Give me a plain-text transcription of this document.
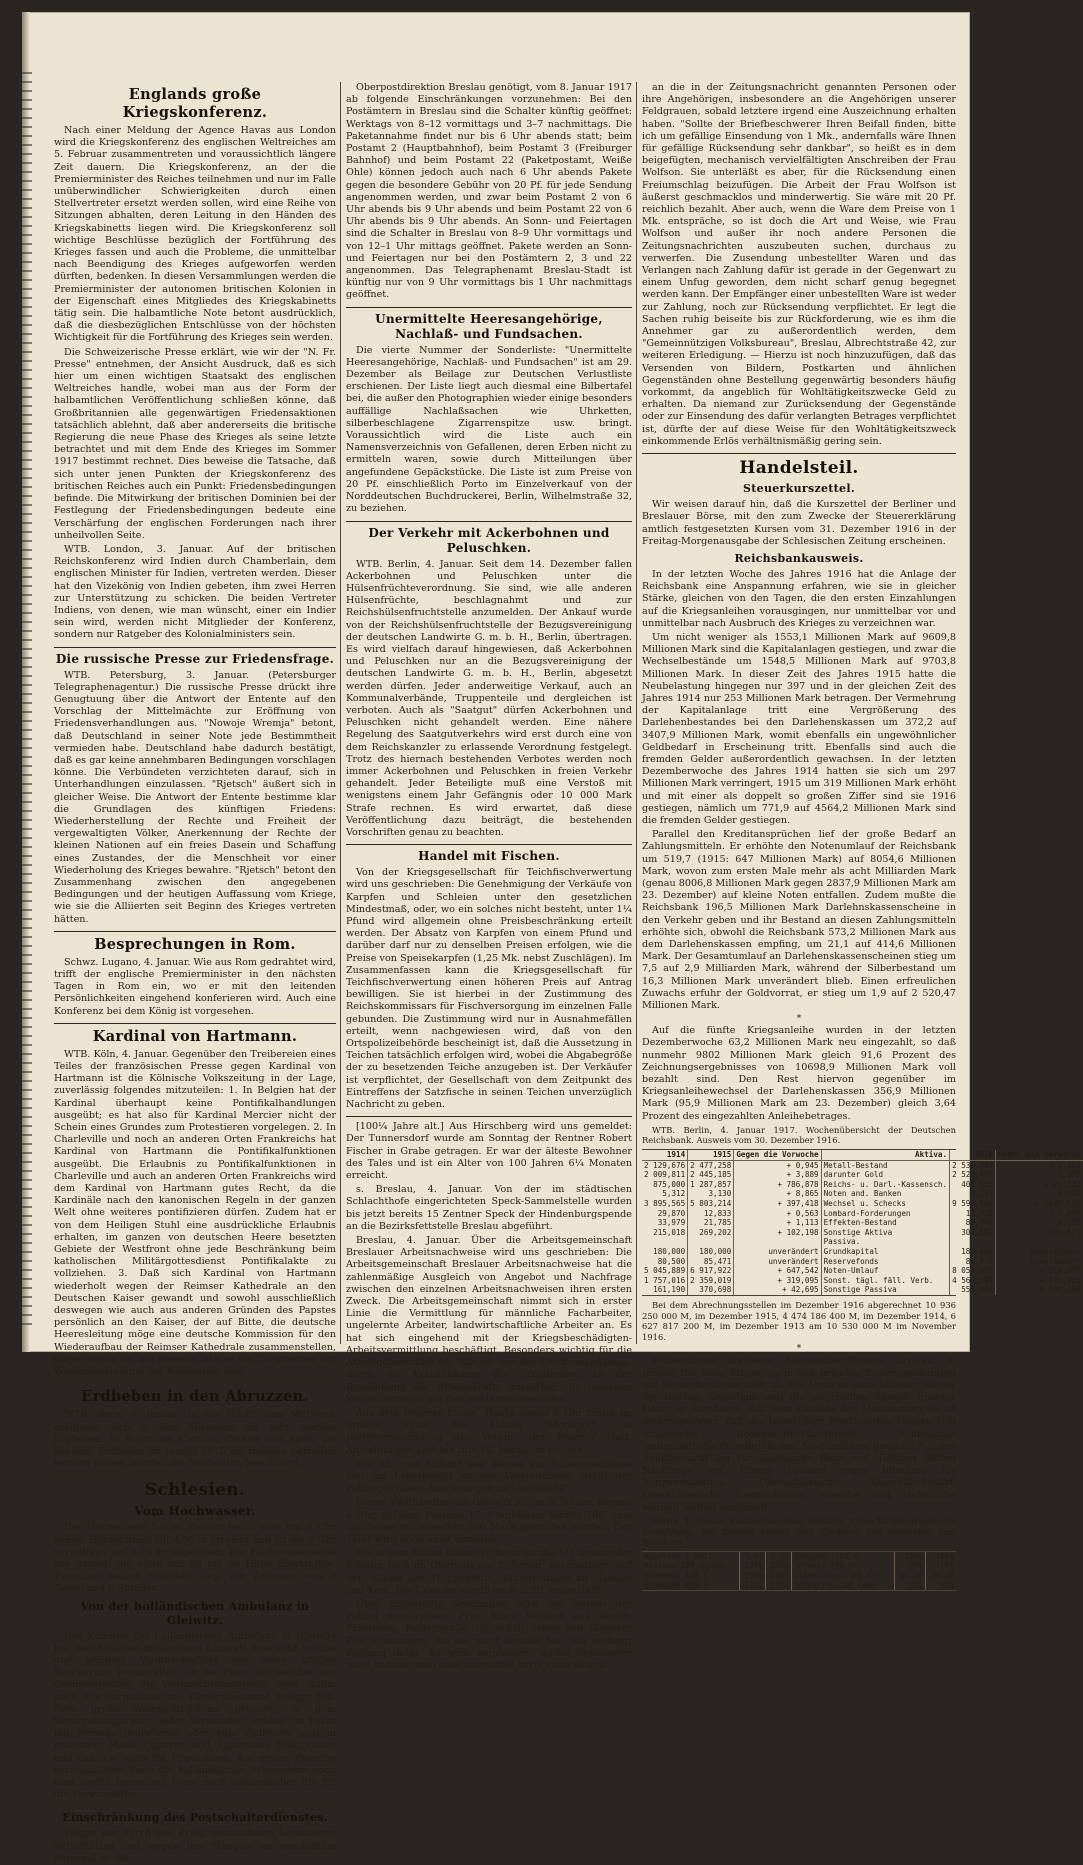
Englands große Kriegskonferenz.

Nach einer Meldung der Agence Havas aus London wird die Kriegskonferenz des englischen Weltreiches am 5. Februar zusammentreten und voraussichtlich längere Zeit dauern. Die Kriegskonferenz, an der die Premierminister des Reiches teilnehmen und nur im Falle unüberwindlicher Schwierigkeiten durch einen Stellvertreter ersetzt werden sollen, wird eine Reihe von Sitzungen abhalten, deren Leitung in den Händen des Kriegskabinetts liegen wird. Die Kriegskonferenz soll wichtige Beschlüsse bezüglich der Fortführung des Krieges fassen und auch die Probleme, die unmittelbar nach Beendigung des Krieges aufgeworfen werden dürften, bedenken. In diesen Versammlungen werden die Premierminister der autonomen britischen Kolonien in der Eigenschaft eines Mitgliedes des Kriegskabinetts tätig sein. Die halbamtliche Note betont ausdrücklich, daß die diesbezüglichen Entschlüsse von der höchsten Wichtigkeit für die Fortführung des Krieges sein werden.

Die Schweizerische Presse erklärt, wie wir der "N. Fr. Presse" entnehmen, der Ansicht Ausdruck, daß es sich hier um einen wichtigen Staatsakt des englischen Weltreiches handle, wobei man aus der Form der halbamtlichen Veröffentlichung schließen könne, daß Großbritannien alle gegenwärtigen Friedensaktionen tatsächlich ablehnt, daß aber andererseits die britische Regierung die neue Phase des Krieges als seine letzte betrachtet und mit dem Ende des Krieges im Sommer 1917 bestimmt rechnet. Dies beweise die Tatsache, daß sich unter jenen Punkten der Kriegskonferenz des britischen Reiches auch ein Punkt: Friedensbedingungen befinde. Die Mitwirkung der britischen Dominien bei der Festlegung der Friedensbedingungen bedeute eine Verschärfung der englischen Forderungen nach ihrer unheilvollen Seite.

WTB. London, 3. Januar. Auf der britischen Reichskonferenz wird Indien durch Chamberlain, dem englischen Minister für Indien, vertreten werden. Dieser hat den Vizekönig von Indien gebeten, ihm zwei Herren zur Unterstützung zu schicken. Die beiden Vertreter Indiens, von denen, wie man wünscht, einer ein Indier sein wird, werden nicht Mitglieder der Konferenz, sondern nur Ratgeber des Kolonialministers sein.

Die russische Presse zur Friedensfrage.

WTB. Petersburg, 3. Januar. (Petersburger Telegraphenagentur.) Die russische Presse drückt ihre Genugtuung über die Antwort der Entente auf den Vorschlag der Mittelmächte zur Eröffnung von Friedensverhandlungen aus. "Nowoje Wremja" betont, daß Deutschland in seiner Note jede Bestimmtheit vermieden habe. Deutschland habe dadurch bestätigt, daß es gar keine annehmbaren Bedingungen vorschlagen könne. Die Verbündeten verzichteten darauf, sich in Unterhandlungen einzulassen. "Rjetsch" äußert sich in gleicher Weise. Die Antwort der Entente bestimme klar die Grundlagen des künftigen Friedens: Wiederherstellung der Rechte und Freiheit der vergewaltigten Völker, Anerkennung der Rechte der kleinen Nationen auf ein freies Dasein und Schaffung eines Zustandes, der die Menschheit vor einer Wiederholung des Krieges bewahre. "Rjetsch" betont den Zusammenhang zwischen den angegebenen Bedingungen und der heutigen Auffassung vom Kriege, wie sie die Alliierten seit Beginn des Krieges vertreten hätten.

Besprechungen in Rom.

Schwz. Lugano, 4. Januar. Wie aus Rom gedrahtet wird, trifft der englische Premierminister in den nächsten Tagen in Rom ein, wo er mit den leitenden Persönlichkeiten eingehend konferieren wird. Auch eine Konferenz bei dem König ist vorgesehen.

Kardinal von Hartmann.

WTB. Köln, 4. Januar. Gegenüber den Treibereien eines Teiles der französischen Presse gegen Kardinal von Hartmann ist die Kölnische Volkszeitung in der Lage, zuverlässig folgendes mitzuteilen: 1. In Belgien hat der Kardinal überhaupt keine Pontifikalhandlungen ausgeübt; es hat also für Kardinal Mercier nicht der Schein eines Grundes zum Protestieren vorgelegen. 2. In Charleville und noch an anderen Orten Frankreichs hat Kardinal von Hartmann die Pontifikalfunktionen ausgeübt. Die Erlaubnis zu Pontifikalfunktionen in Charleville und auch an anderen Orten Frankreichs wird dem Kardinal von Hartmann gutes Recht, da die Kardinäle nach den kanonischen Regeln in der ganzen Welt ohne weiteres pontifizieren dürfen. Zudem hat er von dem Heiligen Stuhl eine ausdrückliche Erlaubnis erhalten, im ganzen von deutschen Heere besetzten Gebiete der Westfront ohne jede Beschränkung beim katholischen Militärgottesdienst Pontifikalakte zu vollziehen. 3. Daß sich Kardinal von Hartmann wiederholt wegen der Reimser Kathedrale an den Deutschen Kaiser gewandt und sowohl ausschließlich deswegen wie auch aus anderen Gründen des Papstes persönlich an den Kaiser, der auf Bitte, die deutsche Heeresleitung möge eine deutsche Kommission für den Wiederaufbau der Reimser Kathedrale zusammenstellen, eingegangen ist, das beweist, daß er ein Fürsprecher der Wiederherstellung der Kathedrale war.

Erdbeben in den Abruzzen.

WTB. Bern, 4. Januar. In der Nacht zum Mittwoch ereignete sich in den Abruzzen ein sehr starkes Erdbeben. In Avezzano, Cerchio, Celano und Ajelli, die bei dem Erdbeben im Januar 1915 am meisten betroffen worden waren, wurden die Neubauten beschädigt.

Schlesien.
Vom Hochwasser.

Das Hochwasser hat in Ratibor heute früh um 6 Uhr seinen Höchststand mit 4,80 m erreicht und ist bis 8 Uhr vormittags auf 4,76 m abgefallen. Die Hochwasserwelle hat danach die erste um 20 cm an Höhe übertroffen. Zwischen beiden Scheiteln liegt ein Zeitraum von 3 Tagen und 8 Stunden.

Von der holländischen Ambulanz in Gleiwitz.

Das Komitee der holländischen Ambulanz in Gleiwitz hat den Soldaten im dortigen Lazarett eine sehr schöne und würdige Weihnachtsfeier mit einer großen Bescherung veranstaltet. An der Feier, bei welcher der Garnisonpfarrer die Weihnachtsansprache hielt, nahm auch der Garnisonälteste, Generalleutnant Krieger teil. Zwei große Weihnachtsbäume brannten in dem Versammlungsraum. Jeder Verwundete erhielt ein Paket mit warmes Wollwhemd oder eine Wollweste und in reichstem Maße Zigarren und Zigaretten, Süßigkeiten und Gebäck; auch für Erquickung. Am ersten Feiertag veranstalteten bann die holländischen Schwestern noch eine zweite besondere Feier nach holländischer Art für die Verwundeten.

Einschränkung des Postschalterdienstes.

Wegen der durch den Krieg geschaffenen besonderen Verhältnisse und wegen des Mangels an geschultem Personal ist die

Oberpostdirektion Breslau genötigt, vom 8. Januar 1917 ab folgende Einschränkungen vorzunehmen: Bei den Postämtern in Breslau sind die Schalter künftig geöffnet: Werktags von 8–12 vormittags und 3–7 nachmittags. Die Paketannahme findet nur bis 6 Uhr abends statt; beim Postamt 2 (Hauptbahnhof), beim Postamt 3 (Freiburger Bahnhof) und beim Postamt 22 (Paketpostamt, Weiße Ohle) können jedoch auch nach 6 Uhr abends Pakete gegen die besondere Gebühr von 20 Pf. für jede Sendung angenommen werden, und zwar beim Postamt 2 von 6 Uhr abends bis 9 Uhr abends und beim Postamt 22 von 6 Uhr abends bis 9 Uhr abends. An Sonn- und Feiertagen sind die Schalter in Breslau von 8–9 Uhr vormittags und von 12–1 Uhr mittags geöffnet. Pakete werden an Sonn- und Feiertagen nur bei den Postämtern 2, 3 und 22 angenommen. Das Telegraphenamt Breslau-Stadt ist künftig nur von 9 Uhr vormittags bis 1 Uhr nachmittags geöffnet.

Unermittelte Heeresangehörige, Nachlaß- und Fundsachen.

Die vierte Nummer der Sonderliste: "Unermittelte Heeresangehörige, Nachlaß- und Fundsachen" ist am 29. Dezember als Beilage zur Deutschen Verlustliste erschienen. Der Liste liegt auch diesmal eine Bilbertafel bei, die außer den Photographien wieder einige besonders auffällige Nachlaßsachen wie Uhrketten, silberbeschlagene Zigarrenspitze usw. bringt. Voraussichtlich wird die Liste auch ein Namensverzeichnis von Gefallenen, deren Erben nicht zu ermitteln waren, sowie durch Mitteilungen über angefundene Gepäckstücke. Die Liste ist zum Preise von 20 Pf. einschließlich Porto im Einzelverkauf von der Norddeutschen Buchdruckerei, Berlin, Wilhelmstraße 32, zu beziehen.

Der Verkehr mit Ackerbohnen und Peluschken.

WTB. Berlin, 4. Januar. Seit dem 14. Dezember fallen Ackerbohnen und Peluschken unter die Hülsenfrüchteverordnung. Sie sind, wie alle anderen Hülsenfrüchte, beschlagnahmt und zur Reichshülsenfruchtstelle anzumelden. Der Ankauf wurde von der Reichshülsenfruchtstelle der Bezugsvereinigung der deutschen Landwirte G. m. b. H., Berlin, übertragen. Es wird vielfach darauf hingewiesen, daß Ackerbohnen und Peluschken nur an die Bezugsvereinigung der deutschen Landwirte G. m. b. H., Berlin, abgesetzt werden dürfen. Jeder anderweitige Verkauf, auch an Kommunalverbände, Truppenteile und dergleichen ist verboten. Auch als "Saatgut" dürfen Ackerbohnen und Peluschken nicht gehandelt werden. Eine nähere Regelung des Saatgutverkehrs wird erst durch eine von dem Reichskanzler zu erlassende Verordnung festgelegt. Trotz des hiernach bestehenden Verbotes werden noch immer Ackerbohnen und Peluschken in freien Verkehr gehandelt. Jeder Beteiligte muß eine Verstoß mit wenigstens einem Jahr Gefängnis oder 10 000 Mark Strafe rechnen. Es wird erwartet, daß diese Veröffentlichung dazu beiträgt, die bestehenden Vorschriften genau zu beachten.

Handel mit Fischen.

Von der Kriegsgesellschaft für Teichfischverwertung wird uns geschrieben: Die Genehmigung der Verkäufe von Karpfen und Schleien unter den gesetzlichen Mindestmaß, oder, wo ein solches nicht besteht, unter 1¼ Pfund wird allgemein ohne Preisbeschränkung erteilt werden. Der Absatz von Karpfen von einem Pfund und darüber darf nur zu denselben Preisen erfolgen, wie die Preise von Speisekarpfen (1,25 Mk. nebst Zuschlägen). Im Zusammenfassen kann die Kriegsgesellschaft für Teichfischverwertung einen höheren Preis auf Antrag bewilligen. Sie ist hierbei in der Zustimmung des Reichskommissars für Fischversorgung im einzelnen Falle gebunden. Die Zustimmung wird nur in Ausnahmefällen erteilt, wenn nachgewiesen wird, daß von den Ortspolizeibehörde bescheinigt ist, daß die Aussetzung in Teichen tatsächlich erfolgen wird, wobei die Abgabegröße der zu besetzenden Teiche anzugeben ist. Der Verkäufer ist verpflichtet, der Gesellschaft von dem Zeitpunkt des Eintreffens der Satzfische in seinen Teichen unverzüglich Nachricht zu geben.

[100¼ Jahre alt.] Aus Hirschberg wird uns gemeldet: Der Tunnersdorf wurde am Sonntag der Rentner Robert Fischer in Grabe getragen. Er war der älteste Bewohner des Tales und ist ein Alter von 100 Jahren 6¼ Monaten erreicht.

s. Breslau, 4. Januar. Von der im städtischen Schlachthofe eingerichteten Speck-Sammelstelle wurden bis jetzt bereits 15 Zentner Speck der Hindenburgspende an die Bezirksfettstelle Breslau abgeführt.

Breslau, 4. Januar. Über die Arbeitsgemeinschaft Breslauer Arbeitsnachweise wird uns geschrieben: Die Arbeitsgemeinschaft Breslauer Arbeitsnachweise hat die zahlenmäßige Ausgleich von Angebot und Nachfrage zwischen den einzelnen Arbeitsnachweisen ihren ersten Zweck. Die Arbeitsgemeinschaft nimmt sich in erster Linie die Vermittlung für männliche Facharbeiter, ungelernte Arbeiter, landwirtschaftliche Arbeiter an. Es hat sich eingehend mit der Kriegsbeschädigten-Arbeitsvermittlung beschäftigt. Besonders wichtig für die Arbeitgeberschaft ist, daß sie von der Ortskrankenkasse, durch die Krankenkasse der Arbeitgeber, an der Beschaffung der Arbeitskräfte mitwirken. Es bestehen Vereinbarungen mit den Reklamationsstellen.

Aus dem Posener Lande. Heute abend 8 Uhr findet im großen Saale des Hotels "Monopol" die Jahresversammlung des Vereins der Posener statt. Anmeldungen sind bis zum 14. Januar zu richten.

Die An- und Abfahrt der Wagen am Schauspielhause und am Lobetheater zu den Vorstellungen erläßt der Polizeipräsident Anordnungen im "Amtsblatt".

Einem Viehhändler aus Gleiwitz ist am 3. Januar, abends 6 Uhr, auf dem Postamt 17, Frankfurter Straße 108, eine Geldbörse mit ungefähr 300 Mark gestohlen worden. Der Täter wird noch nicht ermittelt.

Ein in dem Hause Kaiser-Wilhelm-Straße 5/7 wohnender Schüler fand im Obermut am 3. Januar, nachmittags, auf dem Gleise des Treppenflurs, Brandwunden an Händen und Kopf. Die Ursache wurde noch nicht festgestellt.

Über unbestellte Sendungen wird uns seitens der Polizei geschrieben: Frau Klara Wolfson aus Berlin-Friedenau, Fehlerstraße 19, erhält schon seit längerer Zeit Sendungen, die sie nicht bestellt hat. Sie verlangt Zahlung dafür. Es wird empfohlen, solche Sendungen nicht anzunehmen oder uneröffnet zurückzuschicken.

an die in der Zeitungsnachricht genannten Personen oder ihre Angehörigen, insbesondere an die Angehörigen unserer Feldgrauen, sobald letztere irgend eine Auszeichnung erhalten haben. "Sollte der Briefbeschwerer Ihren Beifall finden, bitte ich um gefällige Einsendung von 1 Mk., andernfalls wäre Ihnen für gefällige Rücksendung sehr dankbar", so heißt es in dem beigefügten, mechanisch vervielfältigten Anschreiben der Frau Wolfson. Sie unterläßt es aber, für die Rücksendung einen Freiumschlag beizufügen. Die Arbeit der Frau Wolfson ist äußerst geschmacklos und minderwertig. Sie wäre mit 20 Pf. reichlich bezahlt. Aber auch, wenn die Ware dem Preise von 1 Mk. entspräche, so ist doch die Art und Weise, wie Frau Wolfson und außer ihr noch andere Personen die Zeitungsnachrichten auszubeuten suchen, durchaus zu verwerfen. Die Zusendung unbestellter Waren und das Verlangen nach Zahlung dafür ist gerade in der Gegenwart zu einem Unfug geworden, dem nicht scharf genug begegnet werden kann. Der Empfänger einer unbestellten Ware ist weder zur Zahlung, noch zur Rücksendung verpflichtet. Er legt die Sachen ruhig beiseite bis zur Rückforderung, wie es ihm die Annehmer gar zu außerordentlich werden, dem "Gemeinnützigen Volksbureau", Breslau, Albrechtstraße 42, zur weiteren Erledigung. — Hierzu ist noch hinzuzufügen, daß das Versenden von Bildern, Postkarten und ähnlichen Gegenständen ohne Bestellung gegenwärtig besonders häufig vorkommt, da angeblich für Wohltätigkeitszwecke Geld zu erhalten. Da niemand zur Zurücksendung der Gegenstände oder zur Einsendung des dafür verlangten Betrages verpflichtet ist, dürfte der auf diese Weise für den Wohltätigkeitszweck einkommende Erlös verhältnismäßig gering sein.

Handelsteil.
Steuerkurszettel.

Wir weisen darauf hin, daß die Kurszettel der Berliner und Breslauer Börse, mit den zum Zwecke der Steuererklärung amtlich festgesetzten Kursen vom 31. Dezember 1916 in der Freitag-Morgenausgabe der Schlesischen Zeitung erscheinen.

Reichsbankausweis.

In der letzten Woche des Jahres 1916 hat die Anlage der Reichsbank eine Anspannung erfahren, wie sie in gleicher Stärke, gleichen von den Tagen, die den ersten Einzahlungen auf die Kriegsanleihen vorausgingen, nur unmittelbar vor und unmittelbar nach Ausbruch des Krieges zu verzeichnen war.

Um nicht weniger als 1553,1 Millionen Mark auf 9609,8 Millionen Mark sind die Kapitalanlagen gestiegen, und zwar die Wechselbestände um 1548,5 Millionen Mark auf 9703,8 Millionen Mark. In dieser Zeit des Jahres 1915 hatte die Neubelastung hingegen nur 397 und in der gleichen Zeit des Jahres 1914 nur 253 Millionen Mark betragen. Der Vermehrung der Kapitalanlage tritt eine Vergrößerung des Darlehenbestandes bei den Darlehenskassen um 372,2 auf 3407,9 Millionen Mark, womit ebenfalls ein ungewöhnlicher Geldbedarf in Erscheinung tritt. Ebenfalls sind auch die fremden Gelder außerordentlich gewachsen. In der letzten Dezemberwoche des Jahres 1914 hatten sie sich um 297 Millionen Mark verringert, 1915 um 319 Millionen Mark erhöht und mit einer als doppelt so großen Ziffer sind sie 1916 gestiegen, nämlich um 771,9 auf 4564,2 Millionen Mark sind die fremden Gelder gestiegen.

Parallel den Kreditansprüchen lief der große Bedarf an Zahlungsmitteln. Er erhöhte den Notenumlauf der Reichsbank um 519,7 (1915: 647 Millionen Mark) auf 8054,6 Millionen Mark, wovon zum ersten Male mehr als acht Milliarden Mark (genau 8006,8 Millionen Mark gegen 2837,9 Millionen Mark am 23. Dezember) auf kleine Noten entfallen. Zudem mußte die Reichsbank 196,5 Millionen Mark Darlehnskassenscheine in den Verkehr geben und ihr Bestand an diesen Zahlungsmitteln erhöhte sich, obwohl die Reichsbank 573,2 Millionen Mark aus dem Darlehenskassen empfing, um 21,1 auf 414,6 Millionen Mark. Der Gesamtumlauf an Darlehenskassenscheinen stieg um 7,5 auf 2,9 Milliarden Mark, während der Silberbestand um 16,3 Millionen Mark unverändert blieb. Einen erfreulichen Zuwachs erfuhr der Goldvorrat, er stieg um 1,9 auf 2 520,47 Millionen Mark.

*

Auf die fünfte Kriegsanleihe wurden in der letzten Dezemberwoche 63,2 Millionen Mark neu eingezahlt, so daß nunmehr 9802 Millionen Mark gleich 91,6 Prozent des Zeichnungsergebnisses von 10698,9 Millionen Mark voll bezahlt sind. Den Rest hiervon gegenüber im Kriegsanleihewechsel der Darlehenskassen 356,9 Millionen Mark (95,9 Millionen Mark am 23. Dezember) gleich 3,64 Prozent des eingezahlten Anleihebetrages.

WTB. Berlin, 4. Januar 1917. Wochenübersicht der Deutschen Reichsbank. Ausweis vom 30. Dezember 1916.

1914	1915	Gegen die Vorwoche	Aktiva.	1916	Gegen die Vorwoche
2 129,676	2 477,258	+ 0,945	Metall-Bestand	2 536,792	+ 1,400
2 009,811	2 445,185	+ 3,889	darunter Gold	2 520,473	+ 1,897
875,000	1 287,857	+ 786,878	Reichs- u. Darl.-Kassensch.	408,655	+ 21,142
5,312	3,130	+ 8,865	Noten and. Banken	3,223	— 3,029
3 895,565	5 803,214	+ 397,418	Wechsel u. Schecks	9 590,568	+ 1548,533
29,870	12,833	+ 0,563	Lombard-Forderungen	12,928	+ 7,890
33,979	21,785	+ 1,113	Effekten-Bestand	89,749	+ 6,116
215,018	269,202	+ 102,198	Sonstige Aktiva	307,582	— 395,621
			Passiva.		
180,000	180,000	unverändert	Grundkapital	180,000	unverändert
80,500	85,471	unverändert	Reservefonds	85,471	unverändert
5 045,889	6 917,922	+ 647,542	Noten-Umlauf	8 054,652	+ 519,676
1 757,016	2 359,019	+ 319,095	Sonst. tägl. fäll. Verb.	4 564,194	+ 771,913
161,190	370,698	+ 42,695	Sonstige Passiva	555,845	+ 101,189

Bei dem Abrechnungsstellen im Dezember 1916 abgerechnet 10 936 250 000 M, im Dezember 1915, 4 474 186 400 M, im Dezember 1914, 6 627 817 200 M, im Dezember 1913 am 10 530 000 M im November 1916.

*

Verbandsung Breslauer Börsenintereffenten. Breslau, 4. Januar. Die feste Stimmung in den privaten Zusammenkünften der Börsenbesucher hielt an. Die Ursache dazu bildeten wieder der flüssige Geldstand und die siegreichen Kämpfe unserer Heere in Rumänien. Aus dem Gebiete des Montanmarktes ist bemerkenswert; daß der heimischen Fondsmärkte zeigten sich schlesische Bodenkredit-Pfandbriefe, Schlesische landschaftliche Pfandbriefe und Stadtanleihen gesucht. Auf den Banktiemarkt lag für Sächsische Bank und Tielitzer Aktien Nachfrage vor. Erneut bestand reges Interesse für Bergwerksaktien. Oberschlesische Eisenbahnbedarf, Oberschlesische Eisenindustrie, Giesche und Hohenlohe wurden lebhaft gehandelt.

Berlin, 4. Januar. Auslandswechsel. Amtliche Kurse für telegraphische Auszahlung. Die Banken kaufen zum Geldkurs und verkaufen zum Briefkurs.

New-York 1 Doll.	5,63	5,55	Norwegen 100 Kr.	165½	165¾
Holland 100 Gulden	234¾	235¼	Schweiz 100 Fr.	116¾	116¾
Dänemark 100 Kr.	159¼	159¾	Öster.-Ung. 100 Kr.	64,20	64,30
Schweden 100 Kr.	171¼	171¾	Bulgarien 100 Lewa	79¼	79¾
